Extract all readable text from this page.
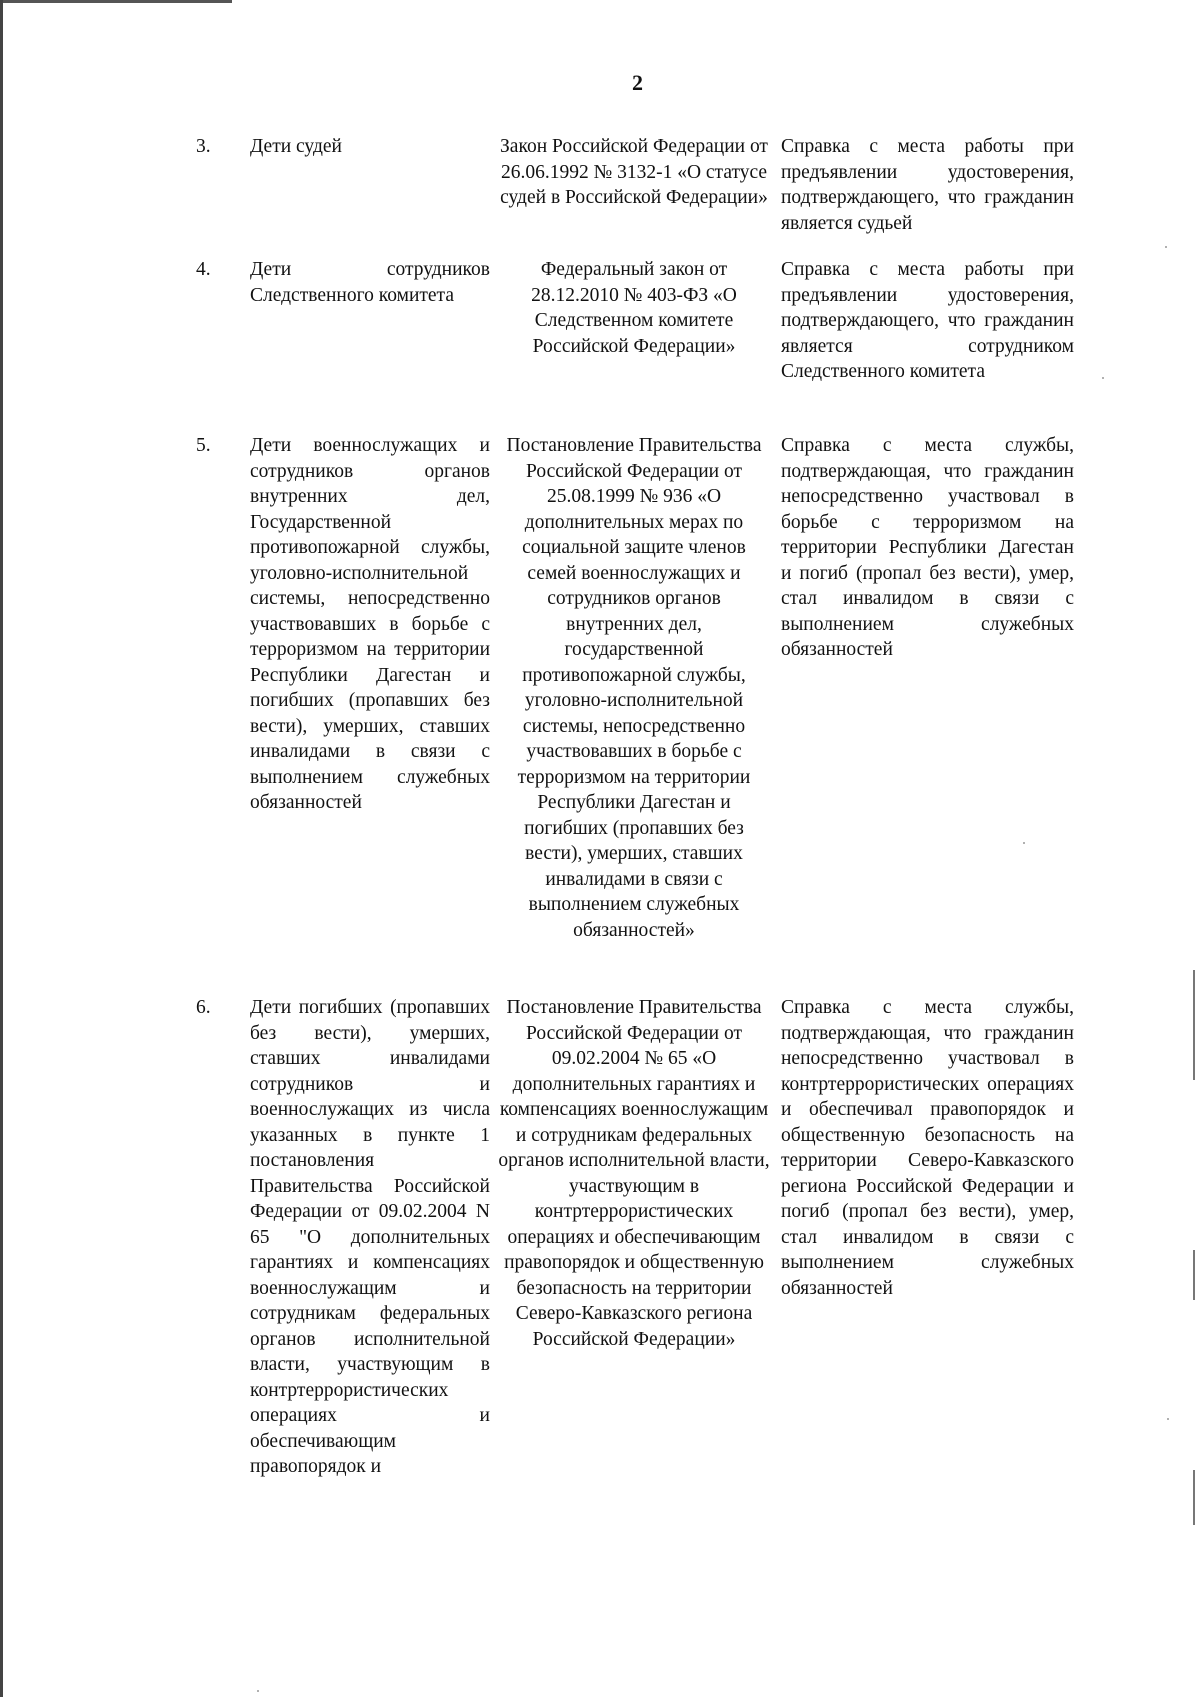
2
3. Дети судей	Закон Российской Федерации от 26.06.1992 № 3132-1 «О статусе судей в Российской Федерации»
Справка с места работы при предъявлении удостоверения, подтверждающего, что гражданин является судьей
4. Дети сотрудников Следственного комитета
Федеральный закон от 28.12.2010 № 403-ФЗ «О Следственном комитете Российской Федерации»
Справка с места работы при предъявлении удостоверения, подтверждающего, что гражданин является сотрудником Следственного комитета
5. Дети военнослужащих и сотрудников органов внутренних дел, Государственной противопожарной службы, уголовно-исполнительной системы, непосредственно участвовавших в борьбе с терроризмом на территории Республики Дагестан и погибших (пропавших без вести), умерших, ставших инвалидами в связи с выполнением служебных обязанностей
Постановление Правительства Российской Федерации от 25.08.1999 № 936 «О дополнительных мерах по социальной защите членов семей военнослужащих и сотрудников органов внутренних дел, государственной противопожарной службы, уголовно-исполнительной системы, непосредственно участвовавших в борьбе с терроризмом на территории Республики Дагестан и погибших (пропавших без вести), умерших, ставших инвалидами в связи с выполнением служебных обязанностей»
Справка с места службы, подтверждающая, что гражданин непосредственно участвовал в борьбе с терроризмом на территории Республики Дагестан и погиб (пропал без вести), умер, стал инвалидом в связи с выполнением служебных обязанностей
6. Дети погибших (пропавших без вести), умерших, ставших инвалидами сотрудников и военнослужащих из числа указанных в пункте 1 постановления Правительства Российской Федерации от 09.02.2004 N 65 "О дополнительных гарантиях и компенсациях военнослужащим и сотрудникам федеральных органов исполнительной власти, участвующим в контртеррористических операциях и обеспечивающим правопорядок и
Постановление Правительства Российской Федерации от 09.02.2004 № 65 «О дополнительных гарантиях и компенсациях военнослужащим и сотрудникам федеральных органов исполнительной власти, участвующим в контртеррористических операциях и обеспечивающим правопорядок и общественную безопасность на территории Северо-Кавказского региона Российской Федерации»
Справка с места службы, подтверждающая, что гражданин непосредственно участвовал в контртеррористических операциях и обеспечивал правопорядок и общественную безопасность на территории Северо-Кавказского региона Российской Федерации и погиб (пропал без вести), умер, стал инвалидом в связи с выполнением служебных обязанностей
